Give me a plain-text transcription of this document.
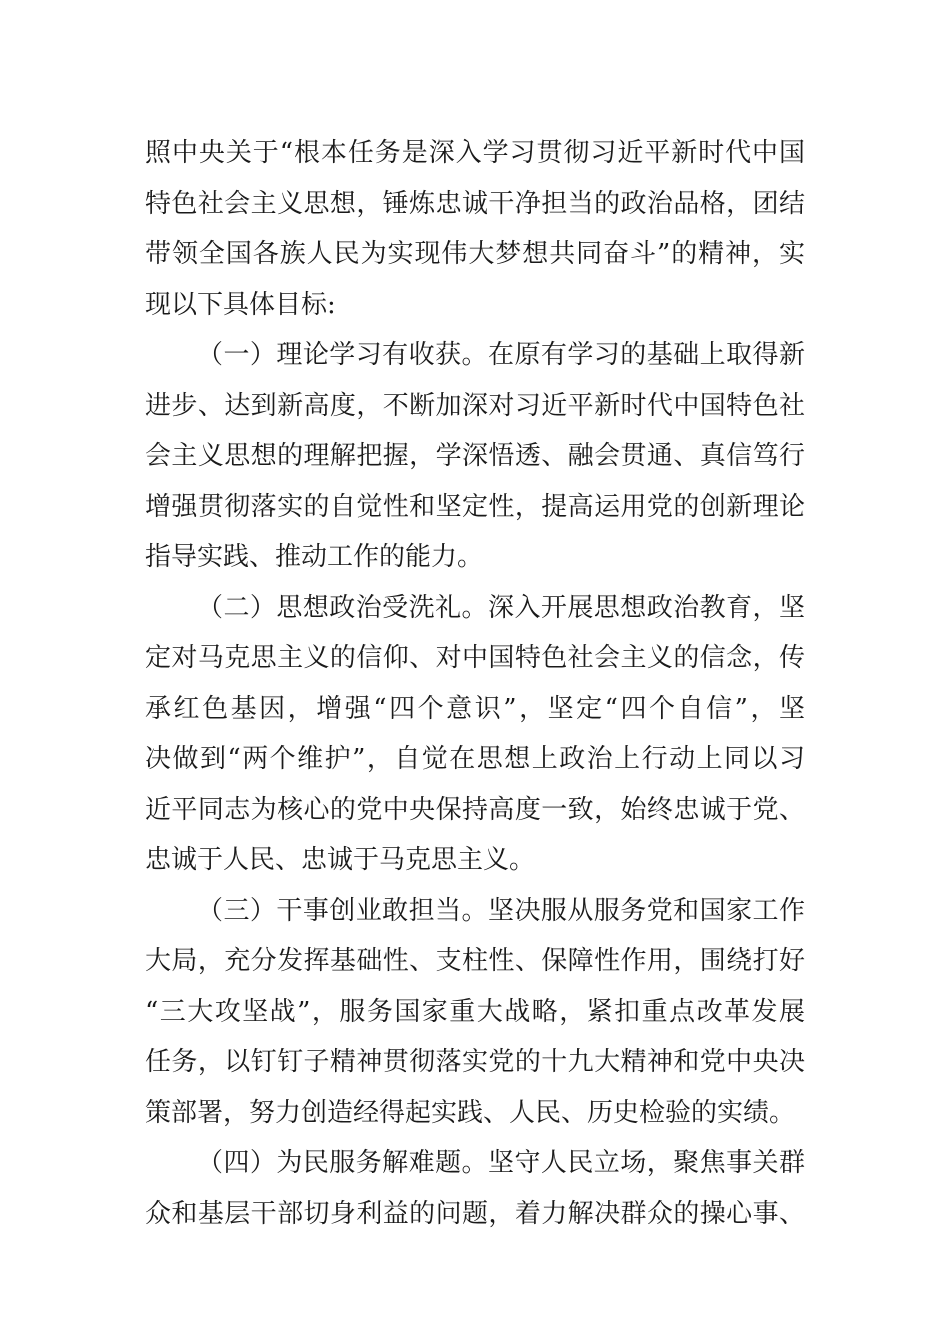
照中央关于“根本任务是深入学习贯彻习近平新时代中国
特色社会主义思想，锤炼忠诚干净担当的政治品格，团结
带领全国各族人民为实现伟大梦想共同奋斗”的精神，实
现以下具体目标:
（一）理论学习有收获。在原有学习的基础上取得新
进步、达到新高度，不断加深对习近平新时代中国特色社
会主义思想的理解把握，学深悟透、融会贯通、真信笃行
增强贯彻落实的自觉性和坚定性，提高运用党的创新理论
指导实践、推动工作的能力。
（二）思想政治受洗礼。深入开展思想政治教育，坚
定对马克思主义的信仰、对中国特色社会主义的信念，传
承红色基因，增强“四个意识”，坚定“四个自信”，坚
决做到“两个维护”，自觉在思想上政治上行动上同以习
近平同志为核心的党中央保持高度一致，始终忠诚于党、
忠诚于人民、忠诚于马克思主义。
（三）干事创业敢担当。坚决服从服务党和国家工作
大局，充分发挥基础性、支柱性、保障性作用，围绕打好
“三大攻坚战”，服务国家重大战略，紧扣重点改革发展
任务，以钉钉子精神贯彻落实党的十九大精神和党中央决
策部署，努力创造经得起实践、人民、历史检验的实绩。
（四）为民服务解难题。坚守人民立场，聚焦事关群
众和基层干部切身利益的问题，着力解决群众的操心事、
